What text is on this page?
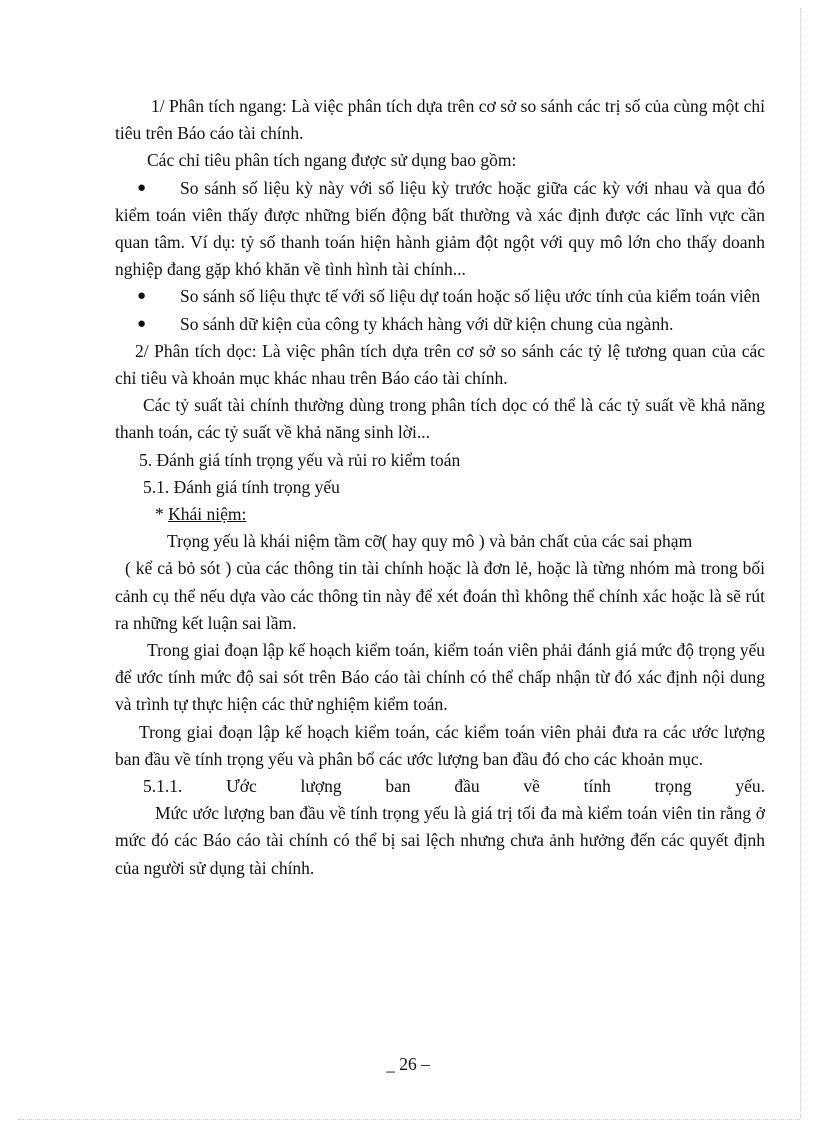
1/ Phân tích ngang: Là việc phân tích dựa trên cơ sở so sánh các trị số của cùng một chỉ tiêu trên Báo cáo tài chính.

Các chỉ tiêu phân tích ngang được sử dụng bao gồm:

● So sánh số liệu kỳ này với số liệu kỳ trước hoặc giữa các kỳ với nhau và qua đó kiểm toán viên thấy được những biến động bất thường và xác định được các lĩnh vực cần quan tâm. Ví dụ: tỷ số thanh toán hiện hành giảm đột ngột với quy mô lớn cho thấy doanh nghiệp đang gặp khó khăn về tình hình tài chính...

● So sánh số liệu thực tế với số liệu dự toán hoặc số liệu ước tính của kiểm toán viên

● So sánh dữ kiện của công ty khách hàng với dữ kiện chung của ngành.

2/ Phân tích dọc: Là việc phân tích dựa trên cơ sở so sánh các tỷ lệ tương quan của các chỉ tiêu và khoản mục khác nhau trên Báo cáo tài chính.

Các tỷ suất tài chính thường dùng trong phân tích dọc có thể là các tỷ suất về khả năng thanh toán, các tỷ suất về khả năng sinh lời...

5. Đánh giá tính trọng yếu và rủi ro kiểm toán

5.1. Đánh giá tính trọng yếu

* Khái niệm:

Trọng yếu là khái niệm tầm cỡ( hay quy mô ) và bản chất của các sai phạm

( kể cả bỏ sót ) của các thông tin tài chính hoặc là đơn lẻ, hoặc là từng nhóm mà trong bối cảnh cụ thể nếu dựa vào các thông tin này để xét đoán thì không thể chính xác hoặc là sẽ rút ra những kết luận sai lầm.

Trong giai đoạn lập kế hoạch kiểm toán, kiểm toán viên phải đánh giá mức độ trọng yếu để ước tính mức độ sai sót trên Báo cáo tài chính có thể chấp nhận từ đó xác định nội dung và trình tự thực hiện các thử nghiệm kiểm toán.

Trong giai đoạn lập kế hoạch kiểm toán, các kiểm toán viên phải đưa ra các ước lượng ban đầu về tính trọng yếu và phân bổ các ước lượng ban đầu đó cho các khoản mục.

5.1.1. Ước lượng ban đầu về tính trọng yếu.

Mức ước lượng ban đầu về tính trọng yếu là giá trị tối đa mà kiểm toán viên tin rằng ở mức đó các Báo cáo tài chính có thể bị sai lệch nhưng chưa ảnh hưởng đến các quyết định của người sử dụng tài chính.

_ 26 –
